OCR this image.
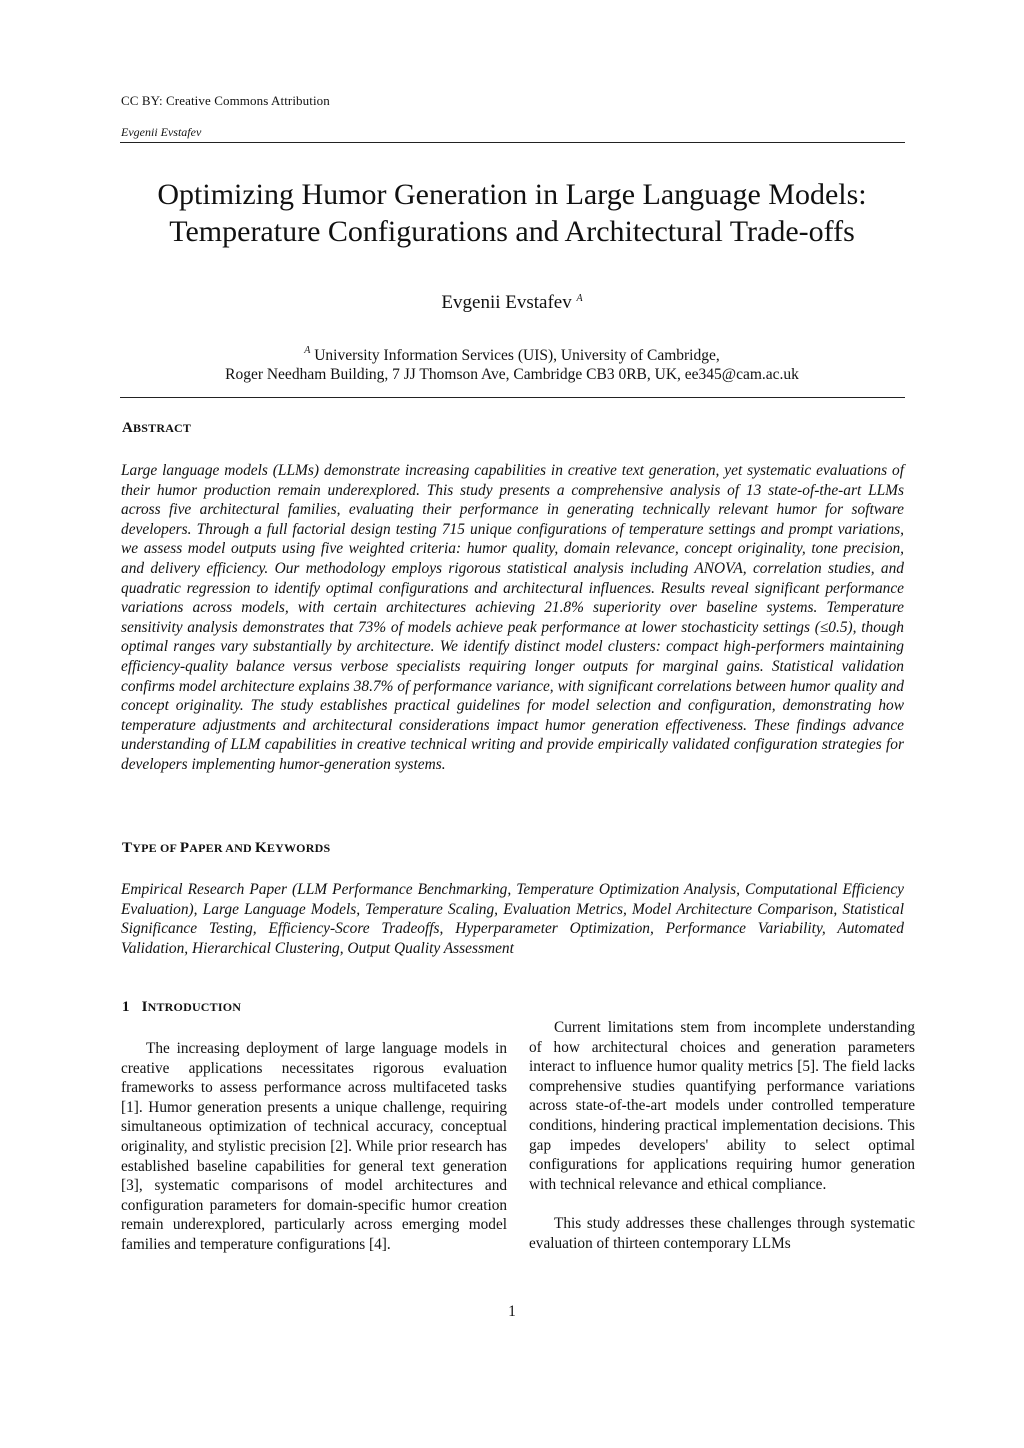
CC BY: Creative Commons Attribution
Evgenii Evstafev
Optimizing Humor Generation in Large Language Models:
Temperature Configurations and Architectural Trade-offs
Evgenii Evstafev $^A$
$^A$ University Information Services (UIS), University of Cambridge,
Roger Needham Building, 7 JJ Thomson Ave, Cambridge CB3 0RB, UK, ee345@cam.ac.uk
ABSTRACT

Large language models (LLMs) demonstrate increasing capabilities in creative text generation, yet systematic evaluations of their humor production remain underexplored. This study presents a comprehensive analysis of 13 state-of-the-art LLMs across five architectural families, evaluating their performance in generating technically relevant humor for software developers. Through a full factorial design testing 715 unique configurations of temperature settings and prompt variations, we assess model outputs using five weighted criteria: humor quality, domain relevance, concept originality, tone precision, and delivery efficiency. Our methodology employs rigorous statistical analysis including ANOVA, correlation studies, and quadratic regression to identify optimal configurations and architectural influences. Results reveal significant performance variations across models, with certain architectures achieving 21.8% superiority over baseline systems. Temperature sensitivity analysis demonstrates that 73% of models achieve peak performance at lower stochasticity settings (≤0.5), though optimal ranges vary substantially by architecture. We identify distinct model clusters: compact high-performers maintaining efficiency-quality balance versus verbose specialists requiring longer outputs for marginal gains. Statistical validation confirms model architecture explains 38.7% of performance variance, with significant correlations between humor quality and concept originality. The study establishes practical guidelines for model selection and configuration, demonstrating how temperature adjustments and architectural considerations impact humor generation effectiveness. These findings advance understanding of LLM capabilities in creative technical writing and provide empirically validated configuration strategies for developers implementing humor-generation systems.

TYPE OF PAPER AND KEYWORDS

Empirical Research Paper (LLM Performance Benchmarking, Temperature Optimization Analysis, Computational Efficiency Evaluation), Large Language Models, Temperature Scaling, Evaluation Metrics, Model Architecture Comparison, Statistical Significance Testing, Efficiency-Score Tradeoffs, Hyperparameter Optimization, Performance Variability, Automated Validation, Hierarchical Clustering, Output Quality Assessment

1 INTRODUCTION

The increasing deployment of large language models in creative applications necessitates rigorous evaluation frameworks to assess performance across multifaceted tasks [1]. Humor generation presents a unique challenge, requiring simultaneous optimization of technical accuracy, conceptual originality, and stylistic precision [2]. While prior research has established baseline capabilities for general text generation [3], systematic comparisons of model architectures and configuration parameters for domain-specific humor creation remain underexplored, particularly across emerging model families and temperature configurations [4].

Current limitations stem from incomplete understanding of how architectural choices and generation parameters interact to influence humor quality metrics [5]. The field lacks comprehensive studies quantifying performance variations across state-of-the-art models under controlled temperature conditions, hindering practical implementation decisions. This gap impedes developers' ability to select optimal configurations for applications requiring humor generation with technical relevance and ethical compliance.

This study addresses these challenges through systematic evaluation of thirteen contemporary LLMs

1
